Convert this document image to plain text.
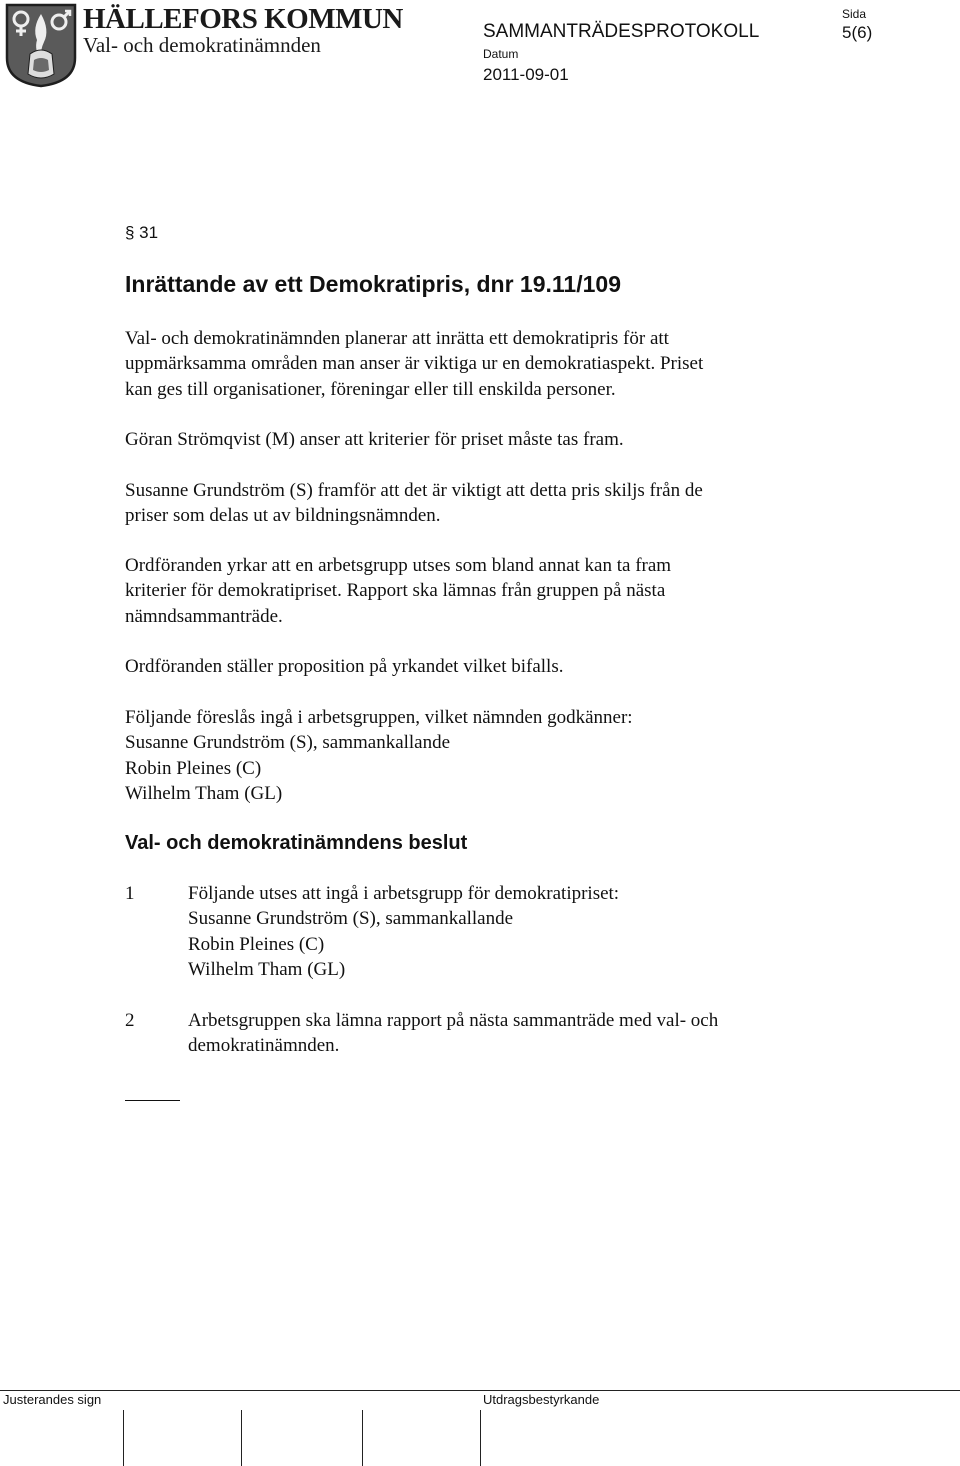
HÄLLEFORS KOMMUN
Val- och demokratinämnden
SAMMANTRÄDESPROTOKOLL
Sida
5(6)
Datum
2011-09-01
§ 31
Inrättande av ett Demokratipris, dnr 19.11/109
Val- och demokratinämnden planerar att inrätta ett demokratipris för att
uppmärksamma områden man anser är viktiga ur en demokratiaspekt. Priset
kan ges till organisationer, föreningar eller till enskilda personer.
Göran Strömqvist (M) anser att kriterier för priset måste tas fram.
Susanne Grundström (S) framför att det är viktigt att detta pris skiljs från de
priser som delas ut av bildningsnämnden.
Ordföranden yrkar att en arbetsgrupp utses som bland annat kan ta fram
kriterier för demokratipriset. Rapport ska lämnas från gruppen på nästa
nämndsammanträde.
Ordföranden ställer proposition på yrkandet vilket bifalls.
Följande föreslås ingå i arbetsgruppen, vilket nämnden godkänner:
Susanne Grundström (S), sammankallande
Robin Pleines (C)
Wilhelm Tham (GL)
Val- och demokratinämndens beslut
1	Följande utses att ingå i arbetsgrupp för demokratipriset:
Susanne Grundström (S), sammankallande
Robin Pleines (C)
Wilhelm Tham (GL)
2	Arbetsgruppen ska lämna rapport på nästa sammanträde med val- och
demokratinämnden.
Justerandes sign	Utdragsbestyrkande
